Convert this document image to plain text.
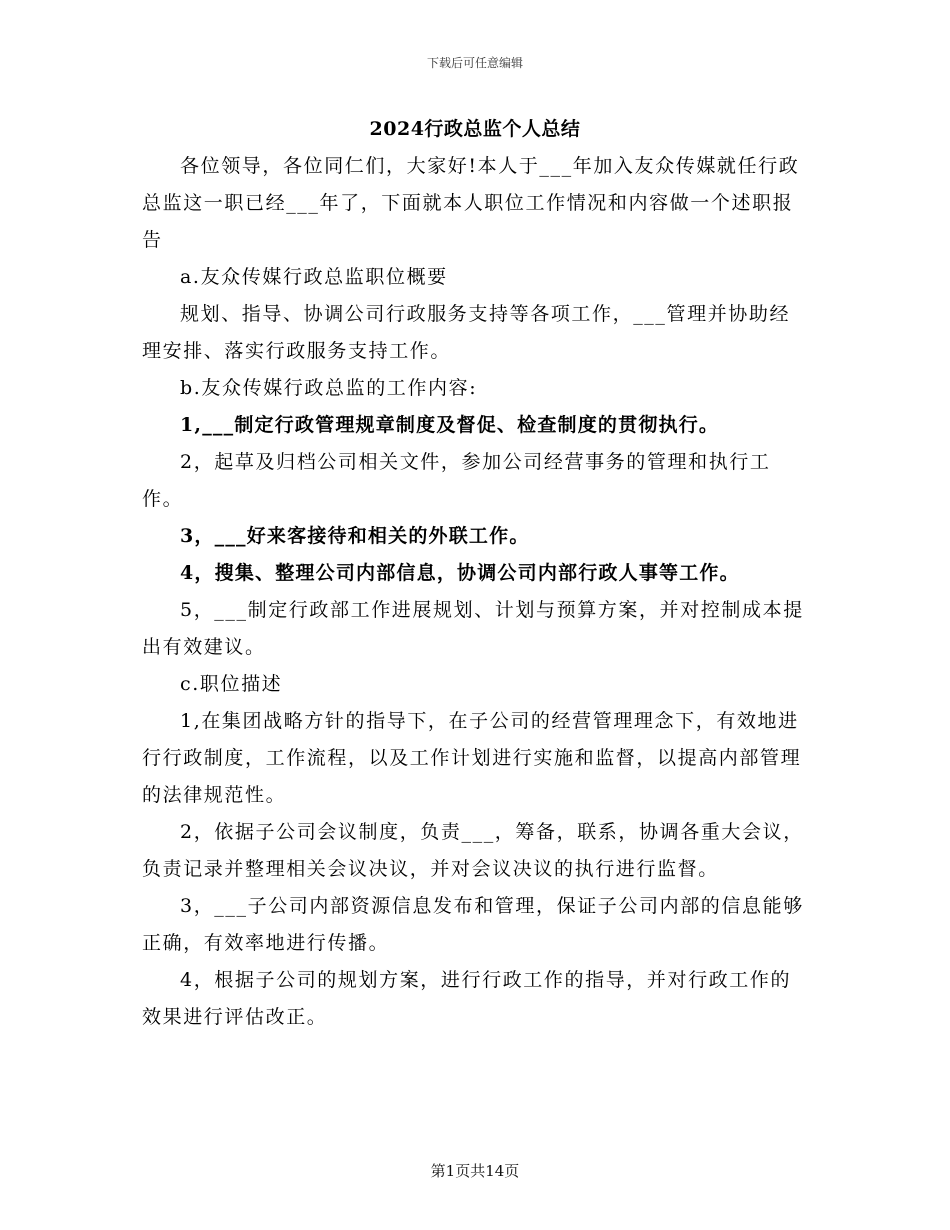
下载后可任意编辑
2024行政总监个人总结

各位领导，各位同仁们，大家好!本人于___年加入友众传媒就任行政总监这一职已经___年了，下面就本人职位工作情况和内容做一个述职报告

a.友众传媒行政总监职位概要

规划、指导、协调公司行政服务支持等各项工作，___管理并协助经理安排、落实行政服务支持工作。

b.友众传媒行政总监的工作内容:

1,___制定行政管理规章制度及督促、检查制度的贯彻执行。

2，起草及归档公司相关文件，参加公司经营事务的管理和执行工作。

3，___好来客接待和相关的外联工作。

4，搜集、整理公司内部信息，协调公司内部行政人事等工作。

5，___制定行政部工作进展规划、计划与预算方案，并对控制成本提出有效建议。

c.职位描述

1,在集团战略方针的指导下，在子公司的经营管理理念下，有效地进行行政制度，工作流程，以及工作计划进行实施和监督，以提高内部管理的法律规范性。

2，依据子公司会议制度，负责___，筹备，联系，协调各重大会议，负责记录并整理相关会议决议，并对会议决议的执行进行监督。

3，___子公司内部资源信息发布和管理，保证子公司内部的信息能够正确，有效率地进行传播。

4，根据子公司的规划方案，进行行政工作的指导，并对行政工作的效果进行评估改正。

第1页共14页
